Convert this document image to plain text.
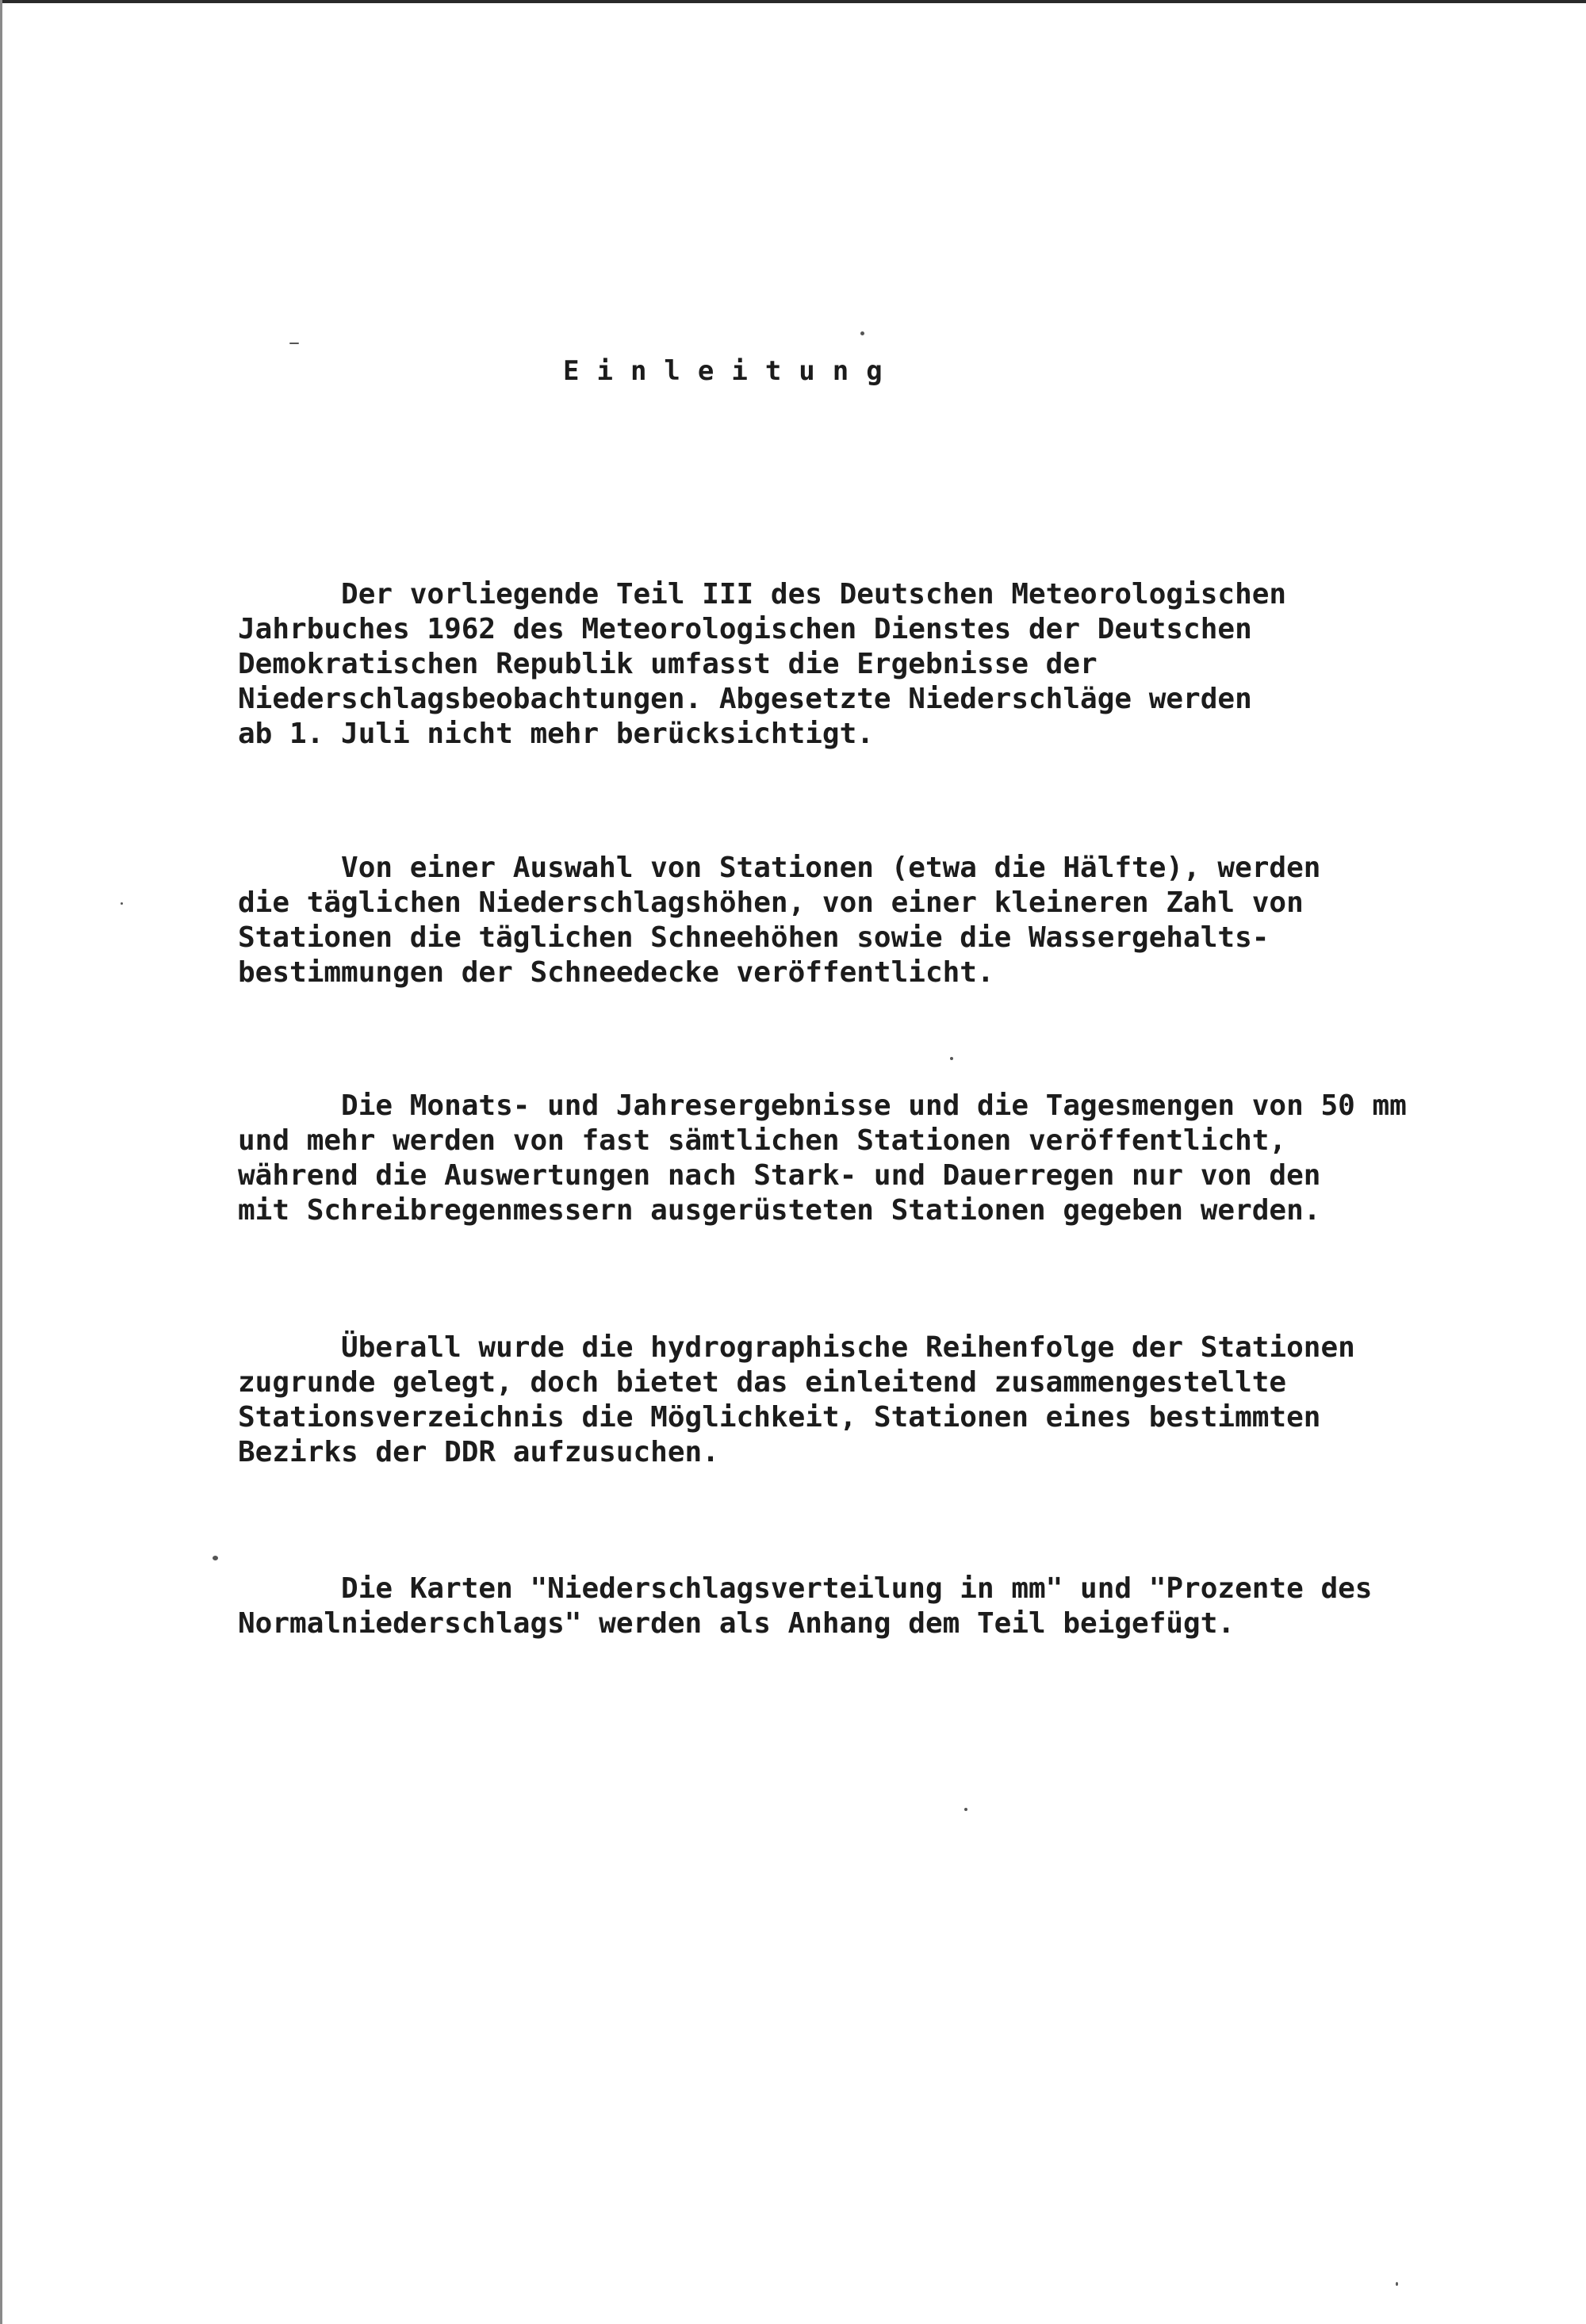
Einleitung
Der vorliegende Teil III des Deutschen Meteorologischen
Jahrbuches 1962 des Meteorologischen Dienstes der Deutschen
Demokratischen Republik umfasst die Ergebnisse der
Niederschlagsbeobachtungen. Abgesetzte Niederschläge werden
ab 1. Juli nicht mehr berücksichtigt.
Von einer Auswahl von Stationen (etwa die Hälfte), werden
die täglichen Niederschlagshöhen, von einer kleineren Zahl von
Stationen die täglichen Schneehöhen sowie die Wassergehalts-
bestimmungen der Schneedecke veröffentlicht.
Die Monats- und Jahresergebnisse und die Tagesmengen von 50 mm
und mehr werden von fast sämtlichen Stationen veröffentlicht,
während die Auswertungen nach Stark- und Dauerregen nur von den
mit Schreibregenmessern ausgerüsteten Stationen gegeben werden.
Überall wurde die hydrographische Reihenfolge der Stationen
zugrunde gelegt, doch bietet das einleitend zusammengestellte
Stationsverzeichnis die Möglichkeit, Stationen eines bestimmten
Bezirks der DDR aufzusuchen.
Die Karten "Niederschlagsverteilung in mm" und "Prozente des
Normalniederschlags" werden als Anhang dem Teil beigefügt.
